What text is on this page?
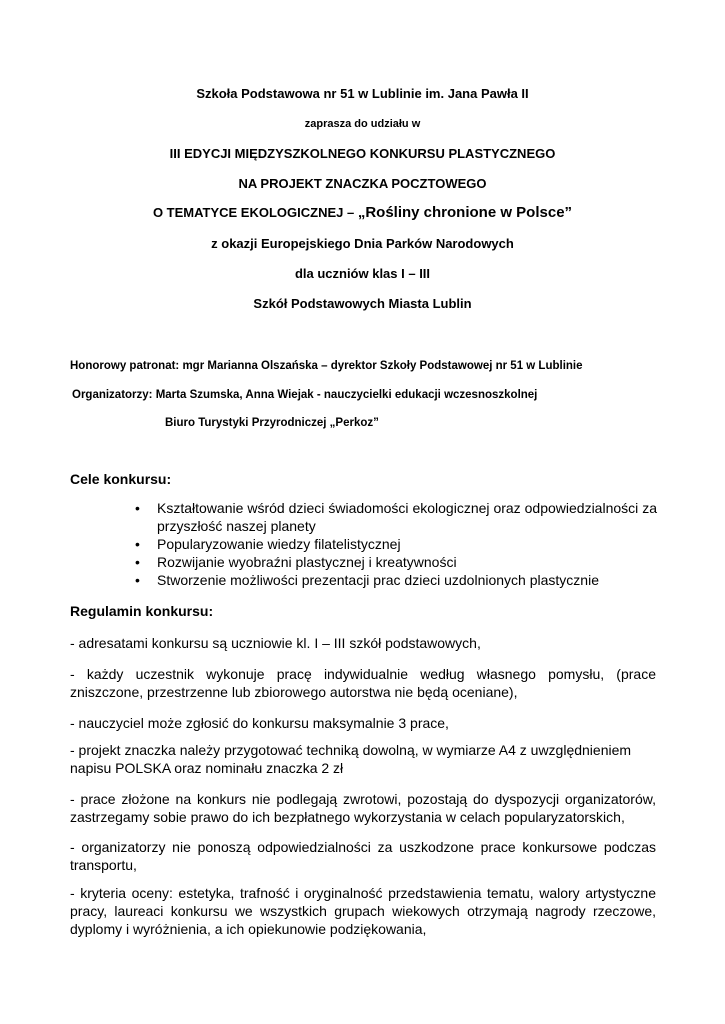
Szkoła Podstawowa nr 51 w Lublinie im. Jana Pawła II
zaprasza do udziału w
III EDYCJI MIĘDZYSZKOLNEGO KONKURSU PLASTYCZNEGO
NA PROJEKT ZNACZKA POCZTOWEGO
O TEMATYCE EKOLOGICZNEJ – „Rośliny chronione w Polsce”
z okazji Europejskiego Dnia Parków Narodowych
dla uczniów klas I – III
Szkół Podstawowych Miasta Lublin
Honorowy patronat: mgr Marianna Olszańska – dyrektor Szkoły Podstawowej nr 51 w Lublinie
Organizatorzy: Marta Szumska, Anna Wiejak - nauczycielki edukacji wczesnoszkolnej
Biuro Turystyki Przyrodniczej „Perkoz”
Cele konkursu:
• Kształtowanie wśród dzieci świadomości ekologicznej oraz odpowiedzialności za przyszłość naszej planety
• Popularyzowanie wiedzy filatelistycznej
• Rozwijanie wyobraźni plastycznej i kreatywności
• Stworzenie możliwości prezentacji prac dzieci uzdolnionych plastycznie
Regulamin konkursu:

- adresatami konkursu są uczniowie kl. I – III szkół podstawowych,

- każdy uczestnik wykonuje pracę indywidualnie według własnego pomysłu, (prace zniszczone, przestrzenne lub zbiorowego autorstwa nie będą oceniane),

- nauczyciel może zgłosić do konkursu maksymalnie 3 prace,

- projekt znaczka należy przygotować techniką dowolną, w wymiarze A4 z uwzględnieniem napisu POLSKA oraz nominału znaczka 2 zł

- prace złożone na konkurs nie podlegają zwrotowi, pozostają do dyspozycji organizatorów, zastrzegamy sobie prawo do ich bezpłatnego wykorzystania w celach popularyzatorskich,

- organizatorzy nie ponoszą odpowiedzialności za uszkodzone prace konkursowe podczas transportu,

- kryteria oceny: estetyka, trafność i oryginalność przedstawienia tematu, walory artystyczne pracy, laureaci konkursu we wszystkich grupach wiekowych otrzymają nagrody rzeczowe, dyplomy i wyróżnienia, a ich opiekunowie podziękowania,
